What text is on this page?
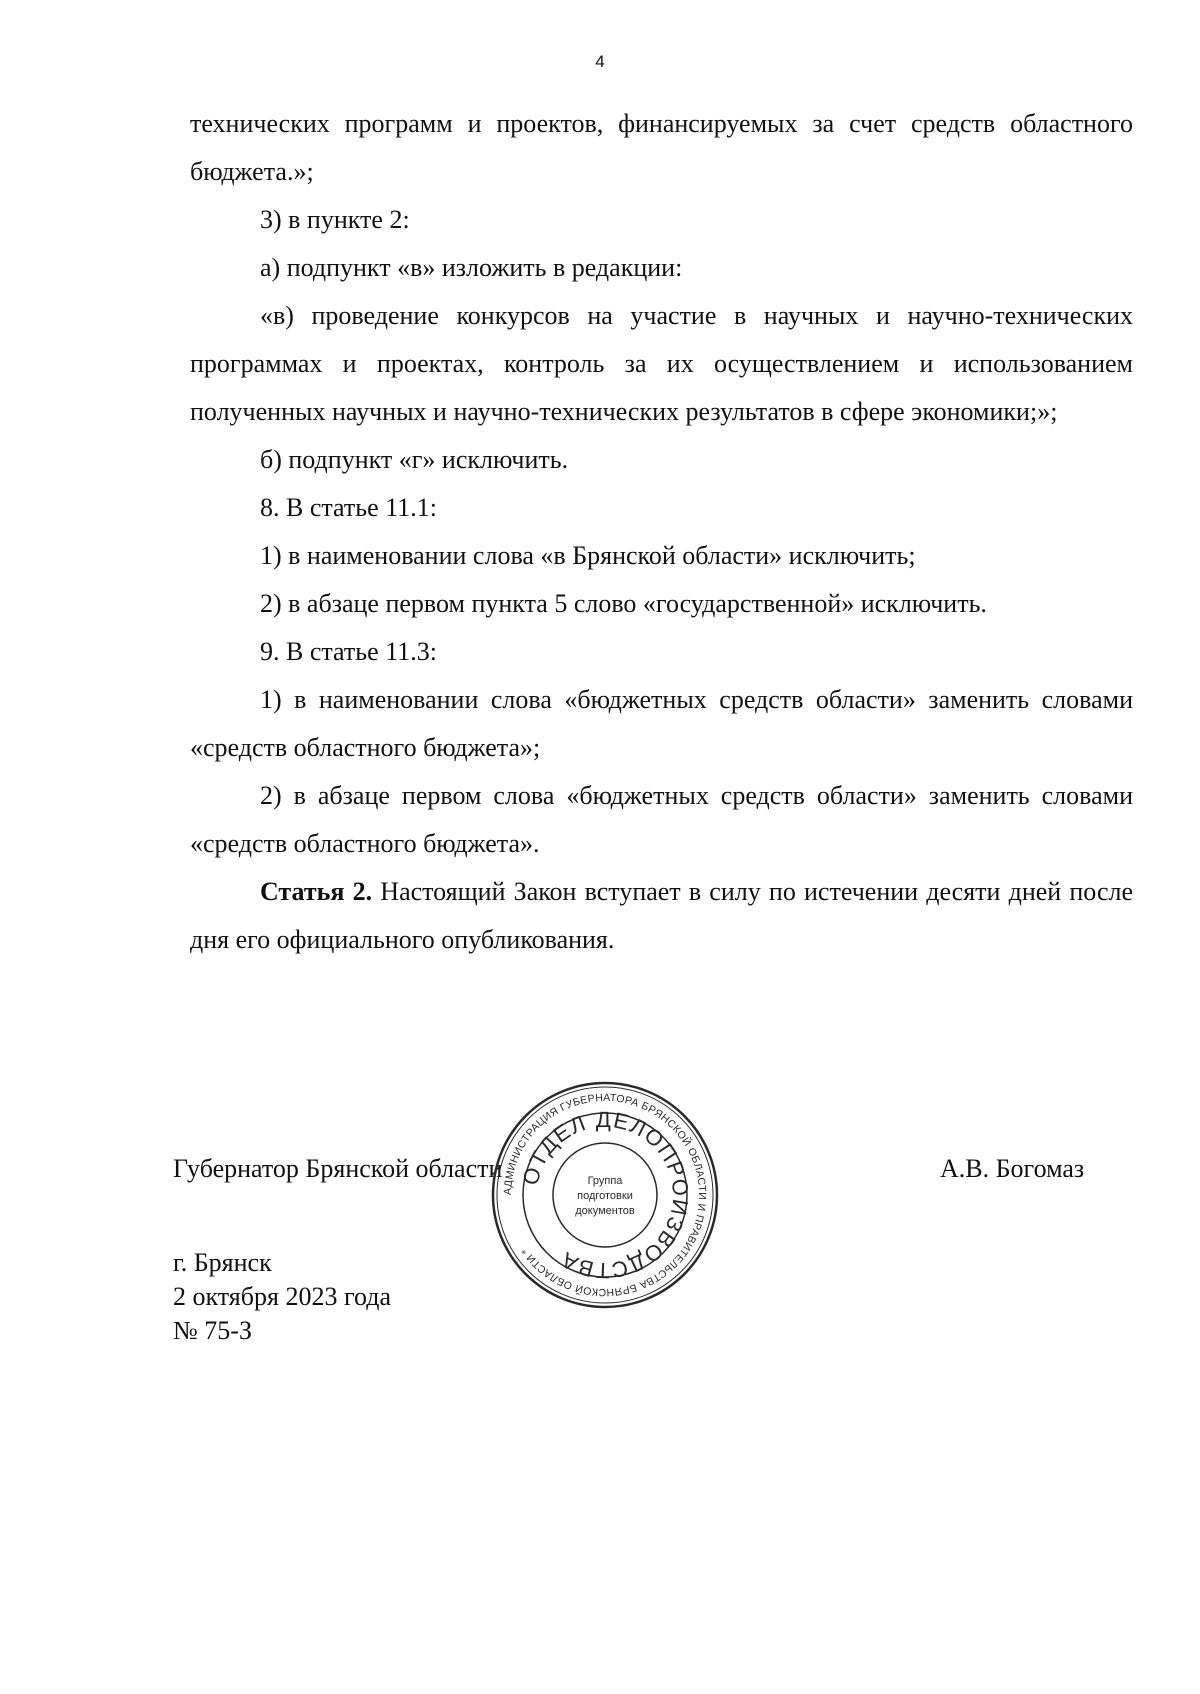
4

технических программ и проектов, финансируемых за счет средств областного бюджета.»;

3) в пункте 2:

а) подпункт «в» изложить в редакции:

«в) проведение конкурсов на участие в научных и научно-технических программах и проектах, контроль за их осуществлением и использованием полученных научных и научно-технических результатов в сфере экономики;»;

б) подпункт «г» исключить.

8. В статье 11.1:

1) в наименовании слова «в Брянской области» исключить;

2) в абзаце первом пункта 5 слово «государственной» исключить.

9. В статье 11.3:

1) в наименовании слова «бюджетных средств области» заменить словами «средств областного бюджета»;

2) в абзаце первом слова «бюджетных средств области» заменить словами «средств областного бюджета».

Статья 2. Настоящий Закон вступает в силу по истечении десяти дней после дня его официального опубликования.

Губернатор Брянской области	А.В. Богомаз
г. Брянск
2 октября 2023 года
№ 75-З
АДМИНИСТРАЦИЯ ГУБЕРНАТОРА БРЯНСКОЙ ОБЛАСТИ И ПРАВИТЕЛЬСТВА БРЯНСКОЙ ОБЛАСТИ *
ОТДЕЛ ДЕЛОПРОИЗВОДСТВА
Группа
подготовки
документов
